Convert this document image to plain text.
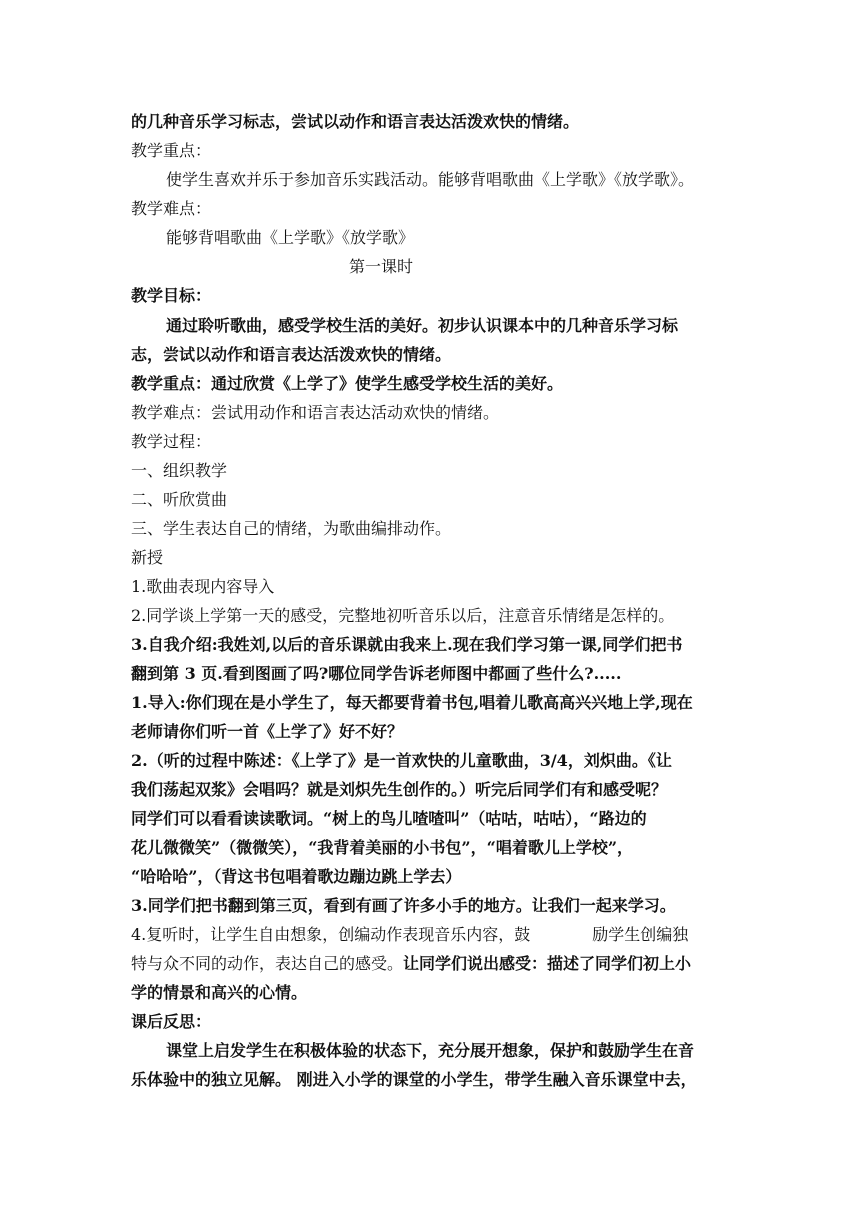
的几种音乐学习标志，尝试以动作和语言表达活泼欢快的情绪。
教学重点：
使学生喜欢并乐于参加音乐实践活动。能够背唱歌曲《上学歌》《放学歌》。
教学难点：
能够背唱歌曲《上学歌》《放学歌》
第一课时
教学目标：
通过聆听歌曲，感受学校生活的美好。初步认识课本中的几种音乐学习标
志，尝试以动作和语言表达活泼欢快的情绪。
教学重点：通过欣赏《上学了》使学生感受学校生活的美好。
教学难点：尝试用动作和语言表达活动欢快的情绪。
教学过程：
一、组织教学
二、听欣赏曲
三、学生表达自己的情绪，为歌曲编排动作。
新授
1.歌曲表现内容导入
2.同学谈上学第一天的感受，完整地初听音乐以后，注意音乐情绪是怎样的。
3.自我介绍:我姓刘,以后的音乐课就由我来上.现在我们学习第一课,同学们把书
翻到第 3 页.看到图画了吗?哪位同学告诉老师图中都画了些什么?.....
1.导入:你们现在是小学生了，每天都要背着书包,唱着儿歌高高兴兴地上学,现在
老师请你们听一首《上学了》好不好？
2.（听的过程中陈述：《上学了》是一首欢快的儿童歌曲，3/4，刘炽曲。《让
我们荡起双浆》会唱吗？就是刘炽先生创作的。）听完后同学们有和感受呢？
同学们可以看看读读歌词。“树上的鸟儿喳喳叫”（咕咕，咕咕），“路边的
花儿微微笑”（微微笑），“我背着美丽的小书包”，“唱着歌儿上学校”，
“哈哈哈”，（背这书包唱着歌边蹦边跳上学去）
3.同学们把书翻到第三页，看到有画了许多小手的地方。让我们一起来学习。
4.复听时，让学生自由想象，创编动作表现音乐内容，鼓	励学生创编独
特与众不同的动作，表达自己的感受。让同学们说出感受：描述了同学们初上小
学的情景和高兴的心情。
课后反思：
课堂上启发学生在积极体验的状态下，充分展开想象，保护和鼓励学生在音
乐体验中的独立见解。 刚进入小学的课堂的小学生，带学生融入音乐课堂中去，
